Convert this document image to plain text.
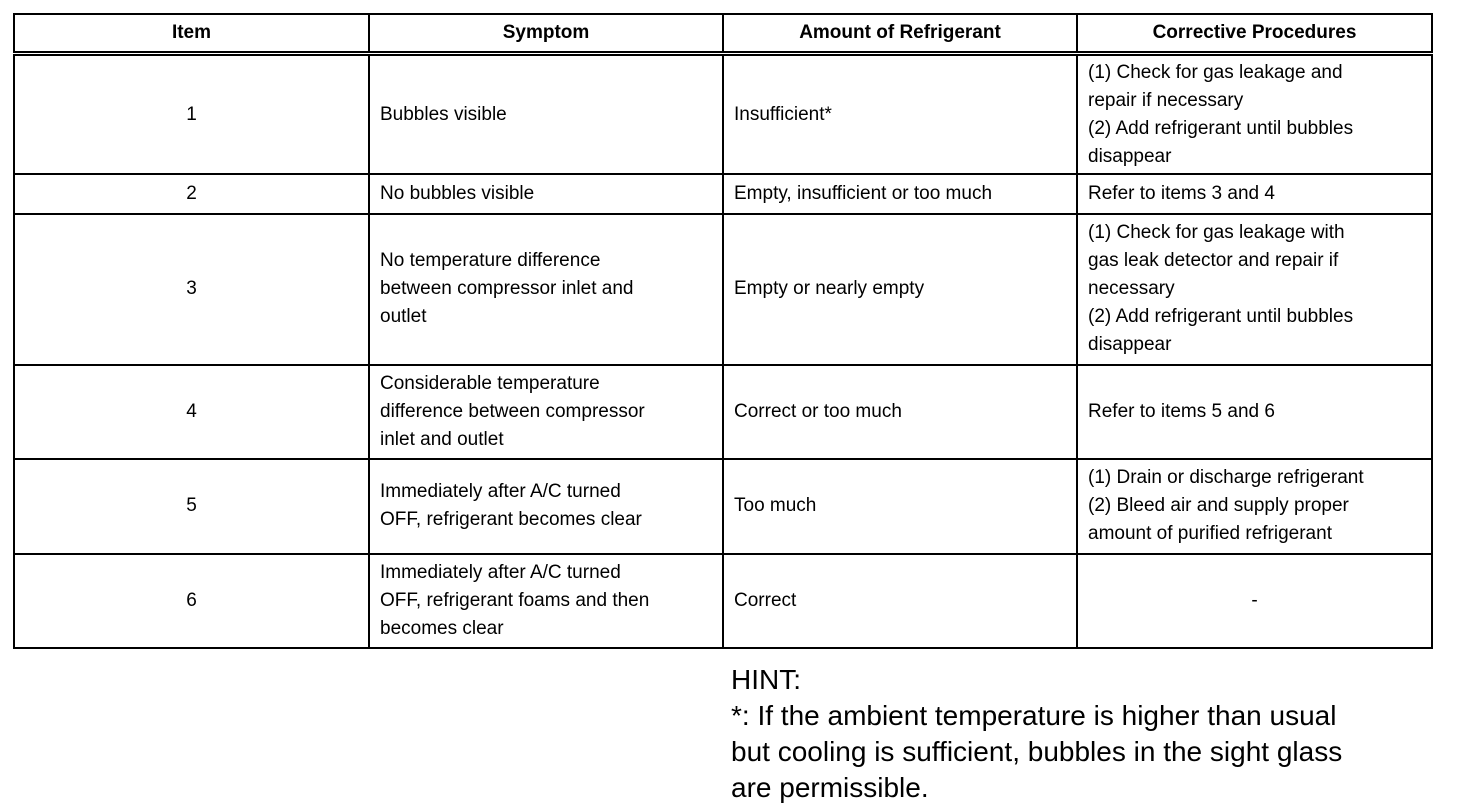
Item	Symptom	Amount of Refrigerant	Corrective Procedures
1	Bubbles visible	Insufficient*	(1) Check for gas leakage and
repair if necessary
(2) Add refrigerant until bubbles
disappear

2	No bubbles visible	Empty, insufficient or too much	Refer to items 3 and 4

3	No temperature difference
between compressor inlet and
outlet	Empty or nearly empty	(1) Check for gas leakage with
gas leak detector and repair if
necessary
(2) Add refrigerant until bubbles
disappear

4	Considerable temperature
difference between compressor
inlet and outlet	Correct or too much	Refer to items 5 and 6

5	Immediately after A/C turned
OFF, refrigerant becomes clear	Too much	(1) Drain or discharge refrigerant
(2) Bleed air and supply proper
amount of purified refrigerant

6	Immediately after A/C turned
OFF, refrigerant foams and then
becomes clear	Correct	-
HINT:
*: If the ambient temperature is higher than usual
but cooling is sufficient, bubbles in the sight glass
are permissible.
